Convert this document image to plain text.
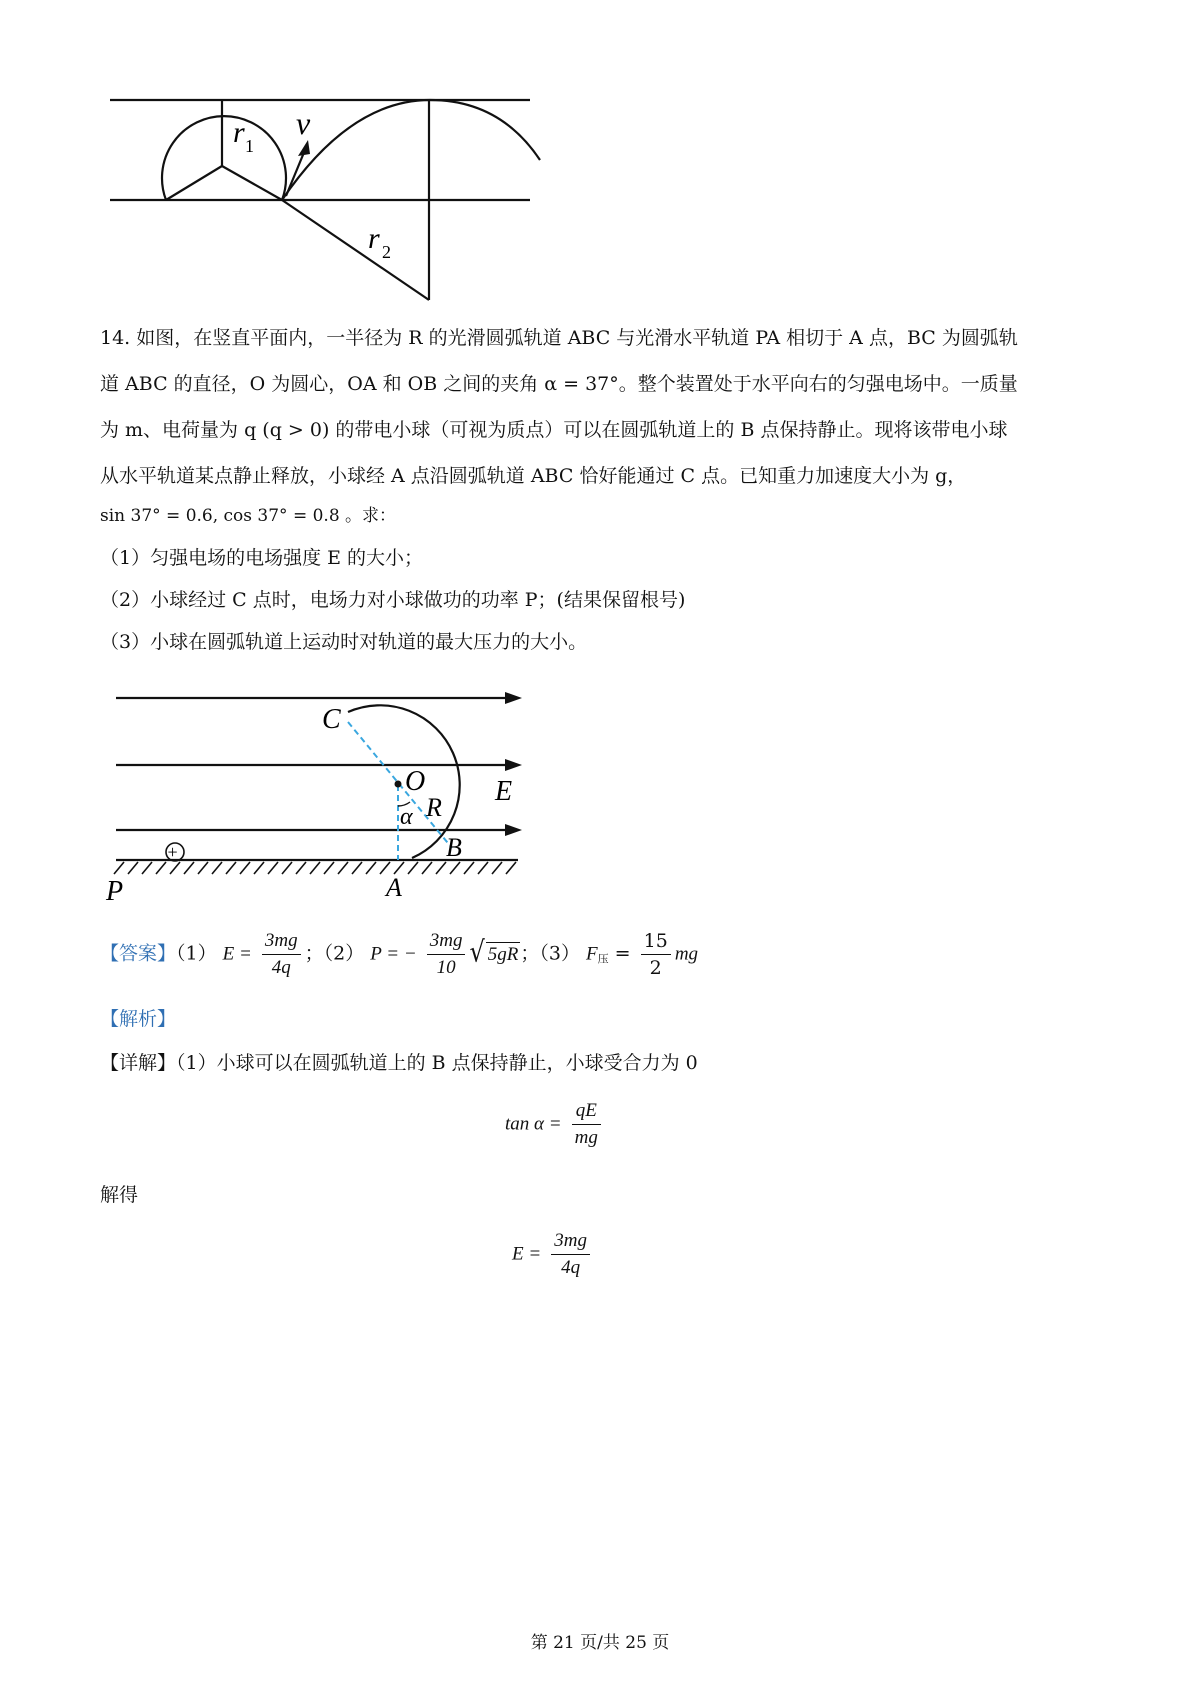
r 1
v
r 2
14. 如图，在竖直平面内，一半径为 R 的光滑圆弧轨道 ABC 与光滑水平轨道 PA 相切于 A 点，BC 为圆弧轨
道 ABC 的直径，O 为圆心，OA 和 OB 之间的夹角 α = 37°。整个装置处于水平向右的匀强电场中。一质量
为 m、电荷量为 q (q > 0) 的带电小球（可视为质点）可以在圆弧轨道上的 B 点保持静止。现将该带电小球
从水平轨道某点静止释放，小球经 A 点沿圆弧轨道 ABC 恰好能通过 C 点。已知重力加速度大小为 g，
sin 37° = 0.6, cos 37° = 0.8 。求：
（1）匀强电场的电场强度 E 的大小；
（2）小球经过 C 点时，电场力对小球做功的功率 P；(结果保留根号)
（3）小球在圆弧轨道上运动时对轨道的最大压力的大小。
+
C
O E
R
α
B
P	A
【答案】（1） $E = \frac{3mg}{4q}$ ；（2） P = − $\frac{3mg}{10}$ √ 5gR ；（3） $F_压 = \frac{15}{2}$ mg
【解析】
【详解】（1）小球可以在圆弧轨道上的 B 点保持静止，小球受合力为 0
$\tan \alpha = \frac{qE}{mg}$
解得
$E = \frac{3mg}{4q}$
第 21 页/共 25 页
